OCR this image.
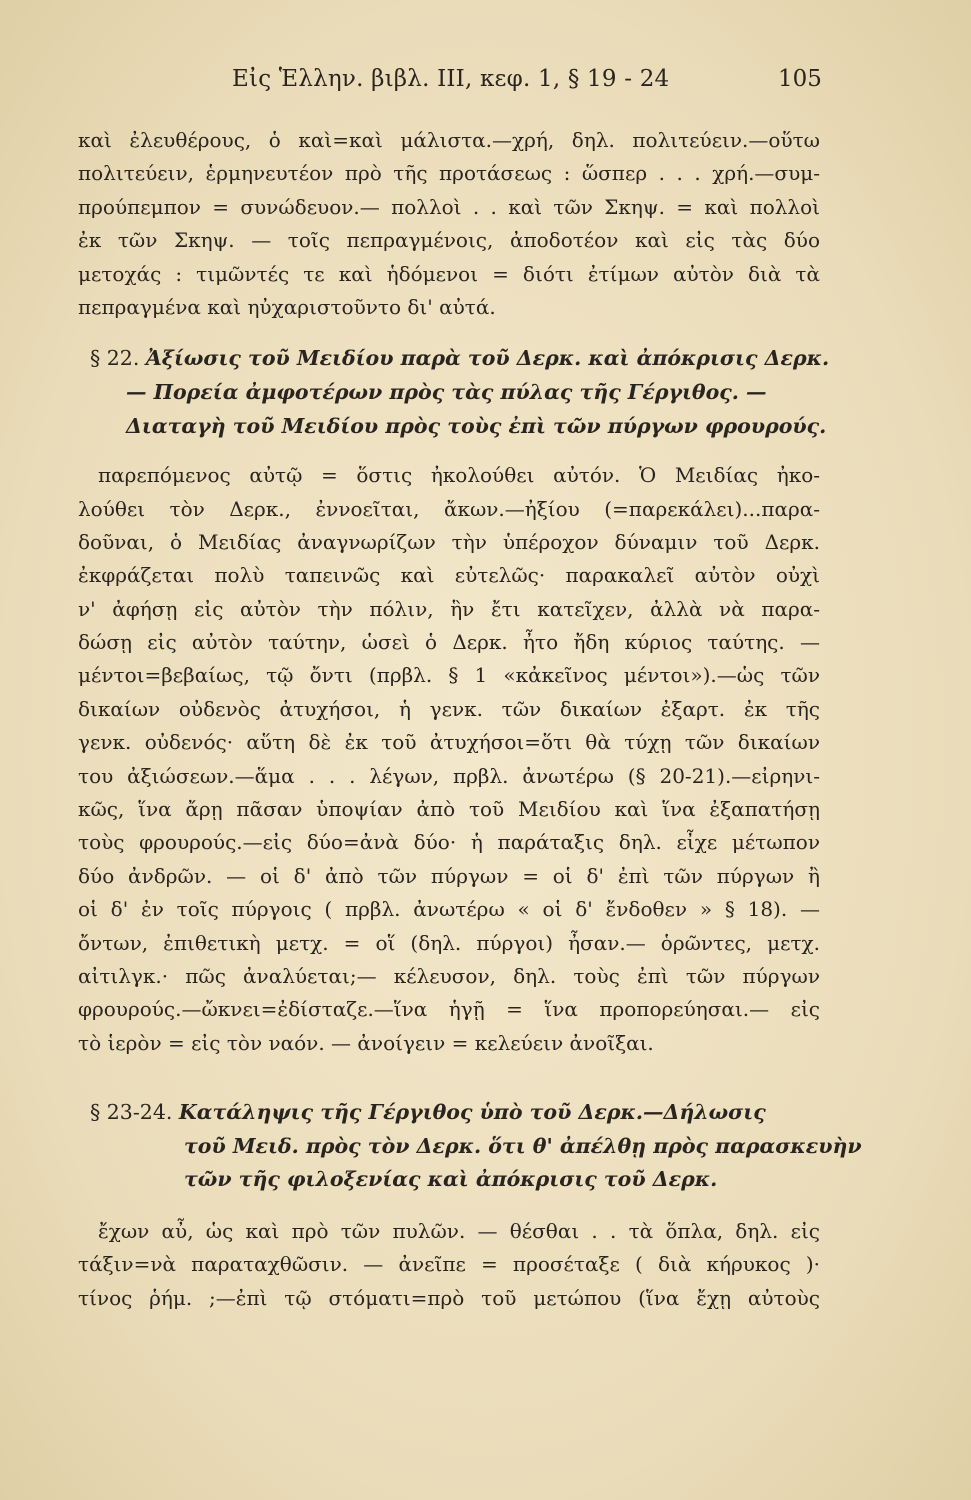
Εἰς Ἑλλην. βιβλ. III, κεφ. 1, § 19 - 24	105
καὶ ἐλευθέρους, ὁ καὶ=καὶ μάλιστα.—χρή, δηλ. πολιτεύειν.—οὕτω
πολιτεύειν, ἑρμηνευτέον πρὸ τῆς προτάσεως : ὥσπερ . . . χρή.—συμ-
προύπεμπον = συνώδευον.— πολλοὶ . . καὶ τῶν Σκηψ. = καὶ πολλοὶ
ἐκ τῶν Σκηψ. — τοῖς πεπραγμένοις, ἀποδοτέον καὶ εἰς τὰς δύο
μετοχάς : τιμῶντές τε καὶ ἡδόμενοι = διότι ἐτίμων αὐτὸν διὰ τὰ
πεπραγμένα καὶ ηὐχαριστοῦντο δι' αὐτά.
§ 22. Ἀξίωσις τοῦ Μειδίου παρὰ τοῦ Δερκ. καὶ ἀπόκρισις Δερκ.
— Πορεία ἀμφοτέρων πρὸς τὰς πύλας τῆς Γέργιθος. —
Διαταγὴ τοῦ Μειδίου πρὸς τοὺς ἐπὶ τῶν πύργων φρουρούς.
παρεπόμενος αὐτῷ = ὅστις ἠκολούθει αὐτόν. Ὁ Μειδίας ἠκο-
λούθει τὸν Δερκ., ἐννοεῖται, ἄκων.—ἠξίου (=παρεκάλει)...παρα-
δοῦναι, ὁ Μειδίας ἀναγνωρίζων τὴν ὑπέροχον δύναμιν τοῦ Δερκ.
ἐκφράζεται πολὺ ταπεινῶς καὶ εὐτελῶς· παρακαλεῖ αὐτὸν οὐχὶ
ν' ἀφήσῃ εἰς αὐτὸν τὴν πόλιν, ἣν ἔτι κατεῖχεν, ἀλλὰ νὰ παρα-
δώσῃ εἰς αὐτὸν ταύτην, ὡσεὶ ὁ Δερκ. ἦτο ἤδη κύριος ταύτης. —
μέντοι=βεβαίως, τῷ ὄντι (πρβλ. § 1 «κἀκεῖνος μέντοι»).—ὡς τῶν
δικαίων οὐδενὸς ἀτυχήσοι, ἡ γενκ. τῶν δικαίων ἐξαρτ. ἐκ τῆς
γενκ. οὐδενός· αὕτη δὲ ἐκ τοῦ ἀτυχήσοι=ὅτι θὰ τύχῃ τῶν δικαίων
του ἀξιώσεων.—ἅμα . . . λέγων, πρβλ. ἀνωτέρω (§ 20-21).—εἰρηνι-
κῶς, ἵνα ἄρῃ πᾶσαν ὑποψίαν ἀπὸ τοῦ Μειδίου καὶ ἵνα ἐξαπατήσῃ
τοὺς φρουρούς.—εἰς δύο=ἀνὰ δύο· ἡ παράταξις δηλ. εἶχε μέτωπον
δύο ἀνδρῶν. — οἱ δ' ἀπὸ τῶν πύργων = οἱ δ' ἐπὶ τῶν πύργων ἢ
οἱ δ' ἐν τοῖς πύργοις ( πρβλ. ἀνωτέρω « οἱ δ' ἔνδοθεν » § 18). —
ὄντων, ἐπιθετικὴ μετχ. = οἵ (δηλ. πύργοι) ἦσαν.— ὁρῶντες, μετχ.
αἰτιλγκ.· πῶς ἀναλύεται;— κέλευσον, δηλ. τοὺς ἐπὶ τῶν πύργων
φρουρούς.—ὤκνει=ἐδίσταζε.—ἵνα ἡγῇ = ἵνα προπορεύησαι.— εἰς
τὸ ἱερὸν = εἰς τὸν ναόν. — ἀνοίγειν = κελεύειν ἀνοῖξαι.
§ 23-24. Κατάληψις τῆς Γέργιθος ὑπὸ τοῦ Δερκ.—Δήλωσις
τοῦ Μειδ. πρὸς τὸν Δερκ. ὅτι θ' ἀπέλθῃ πρὸς παρασκευὴν
τῶν τῆς φιλοξενίας καὶ ἀπόκρισις τοῦ Δερκ.
ἔχων αὖ, ὡς καὶ πρὸ τῶν πυλῶν. — θέσθαι . . τὰ ὅπλα, δηλ. εἰς
τάξιν=νὰ παραταχθῶσιν. — ἀνεῖπε = προσέταξε ( διὰ κήρυκος )·
τίνος ῥήμ. ;—ἐπὶ τῷ στόματι=πρὸ τοῦ μετώπου (ἵνα ἔχῃ αὐτοὺς
